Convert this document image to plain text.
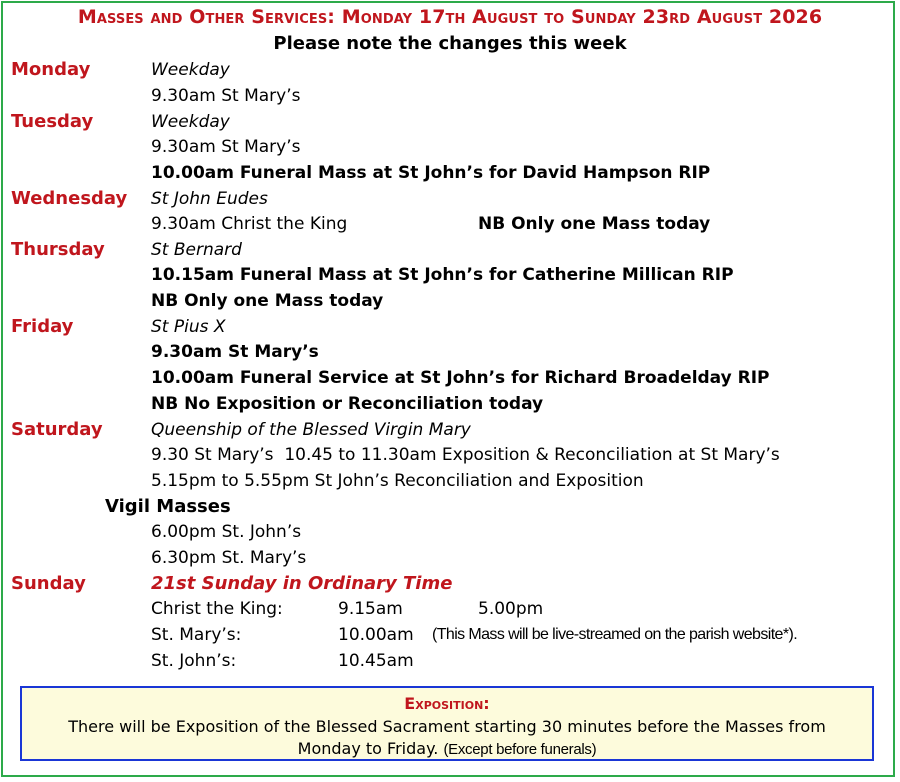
Masses and Other Services: Monday 17th August to Sunday 23rd August 2026
Please note the changes this week
Monday	Weekday
9.30am St Mary’s
Tuesday	Weekday
9.30am St Mary’s
10.00am Funeral Mass at St John’s for David Hampson RIP
Wednesday St John Eudes
9.30am Christ the King	NB Only one Mass today
Thursday	St Bernard
10.15am Funeral Mass at St John’s for Catherine Millican RIP
NB Only one Mass today
Friday	St Pius X
9.30am St Mary’s
10.00am Funeral Service at St John’s for Richard Broadelday RIP
NB No Exposition or Reconciliation today
Saturday	Queenship of the Blessed Virgin Mary
9.30 St Mary’s  10.45 to 11.30am Exposition & Reconciliation at St Mary’s
5.15pm to 5.55pm St John’s Reconciliation and Exposition
Vigil Masses
6.00pm St. John’s
6.30pm St. Mary’s
Sunday	21st Sunday in Ordinary Time
Christ the King:	9.15am	5.00pm
St. Mary’s:	10.00am (This Mass will be live-streamed on the parish website*).
St. John’s:	10.45am
Exposition:
There will be Exposition of the Blessed Sacrament starting 30 minutes before the Masses from Monday to Friday. (Except before funerals)
